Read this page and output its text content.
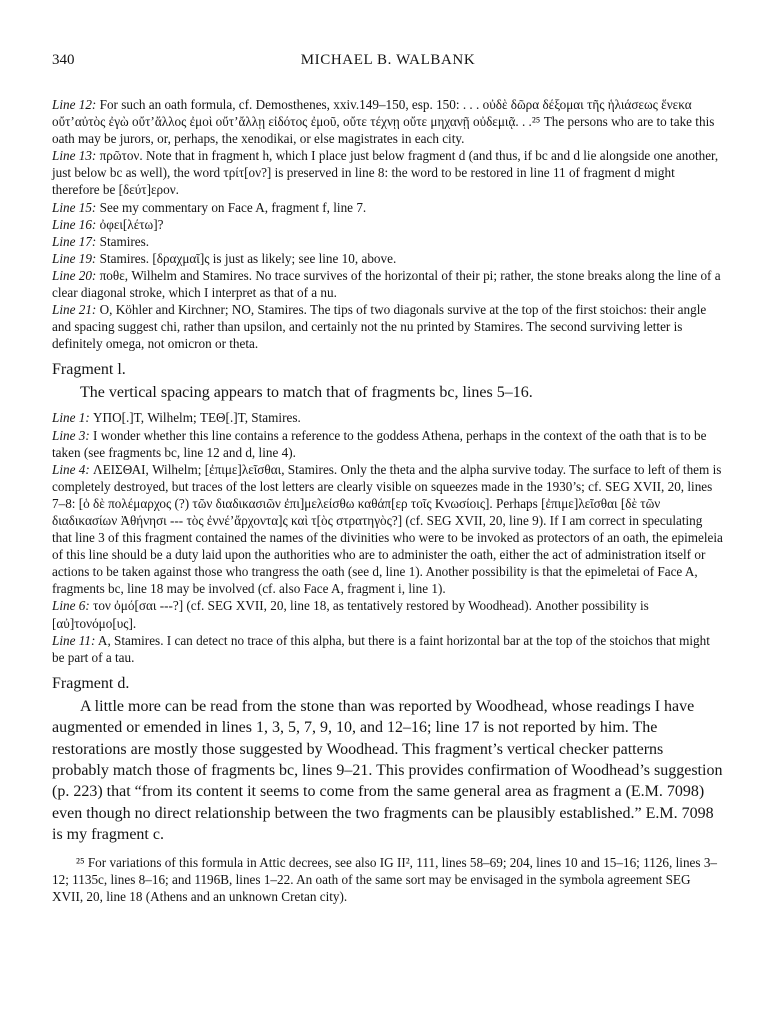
340	MICHAEL B. WALBANK

Line 12: For such an oath formula, cf. Demosthenes, xxiv.149–150, esp. 150: . . . οὐδὲ δῶρα δέξομαι τῆς ἡλιάσεως ἕνεκα οὔτ’αὐτὸς ἐγὼ οὔτ’ἄλλος ἐμοὶ οὔτ’ἄλλῃ εἰδότος ἐμοῦ, οὔτε τέχνῃ οὔτε μηχανῇ οὐδεμιᾷ. . .²⁵ The persons who are to take this oath may be jurors, or, perhaps, the xenodikai, or else magistrates in each city.

Line 13: πρῶτον. Note that in fragment h, which I place just below fragment d (and thus, if bc and d lie alongside one another, just below bc as well), the word τρίτ[ον?] is preserved in line 8: the word to be restored in line 11 of fragment d might therefore be [δεύτ]ερον.

Line 15: See my commentary on Face A, fragment f, line 7.

Line 16: ὀφει[λέτω]?

Line 17: Stamires.

Line 19: Stamires. [δραχμαῖ]ς is just as likely; see line 10, above.

Line 20: ποθε, Wilhelm and Stamires. No trace survives of the horizontal of their pi; rather, the stone breaks along the line of a clear diagonal stroke, which I interpret as that of a nu.

Line 21: O, Köhler and Kirchner; NO, Stamires. The tips of two diagonals survive at the top of the first stoichos: their angle and spacing suggest chi, rather than upsilon, and certainly not the nu printed by Stamires. The second surviving letter is definitely omega, not omicron or theta.

Fragment l.

The vertical spacing appears to match that of fragments bc, lines 5–16.

Line 1: ΥΠΟ[.]Τ, Wilhelm; ΤΕΘ[.]Τ, Stamires.

Line 3: I wonder whether this line contains a reference to the goddess Athena, perhaps in the context of the oath that is to be taken (see fragments bc, line 12 and d, line 4).

Line 4: ΛΕΙΣΘΑΙ, Wilhelm; [ἐπιμε]λεῖσθαι, Stamires. Only the theta and the alpha survive today. The surface to left of them is completely destroyed, but traces of the lost letters are clearly visible on squeezes made in the 1930’s; cf. SEG XVII, 20, lines 7–8: [ὁ δὲ πολέμαρχος (?) τῶν διαδικασιῶν ἐπι]μελείσθω καθάπ[ερ τοῖς Κνωσίοις]. Perhaps [ἐπιμε]λεῖσθαι [δὲ τῶν διαδικασίων Ἀθήνησι --- τὸς ἐννέ’ἄρχοντα]ς καὶ τ[ὸς στρατηγὸς?] (cf. SEG XVII, 20, line 9). If I am correct in speculating that line 3 of this fragment contained the names of the divinities who were to be invoked as protectors of an oath, the epimeleia of this line should be a duty laid upon the authorities who are to administer the oath, either the act of administration itself or actions to be taken against those who trangress the oath (see d, line 1). Another possibility is that the epimeletai of Face A, fragments bc, line 18 may be involved (cf. also Face A, fragment i, line 1).

Line 6: τον ὀμό[σαι ---?] (cf. SEG XVII, 20, line 18, as tentatively restored by Woodhead). Another possibility is [αὐ]τονόμο[υς].

Line 11: A, Stamires. I can detect no trace of this alpha, but there is a faint horizontal bar at the top of the stoichos that might be part of a tau.

Fragment d.

A little more can be read from the stone than was reported by Woodhead, whose readings I have augmented or emended in lines 1, 3, 5, 7, 9, 10, and 12–16; line 17 is not reported by him. The restorations are mostly those suggested by Woodhead. This fragment’s vertical checker patterns probably match those of fragments bc, lines 9–21. This provides confirmation of Woodhead’s suggestion (p. 223) that “from its content it seems to come from the same general area as fragment a (E.M. 7098) even though no direct relationship between the two fragments can be plausibly established.” E.M. 7098 is my fragment c.

²⁵ For variations of this formula in Attic decrees, see also IG II², 111, lines 58–69; 204, lines 10 and 15–16; 1126, lines 3–12; 1135c, lines 8–16; and 1196B, lines 1–22. An oath of the same sort may be envisaged in the symbola agreement SEG XVII, 20, line 18 (Athens and an unknown Cretan city).
